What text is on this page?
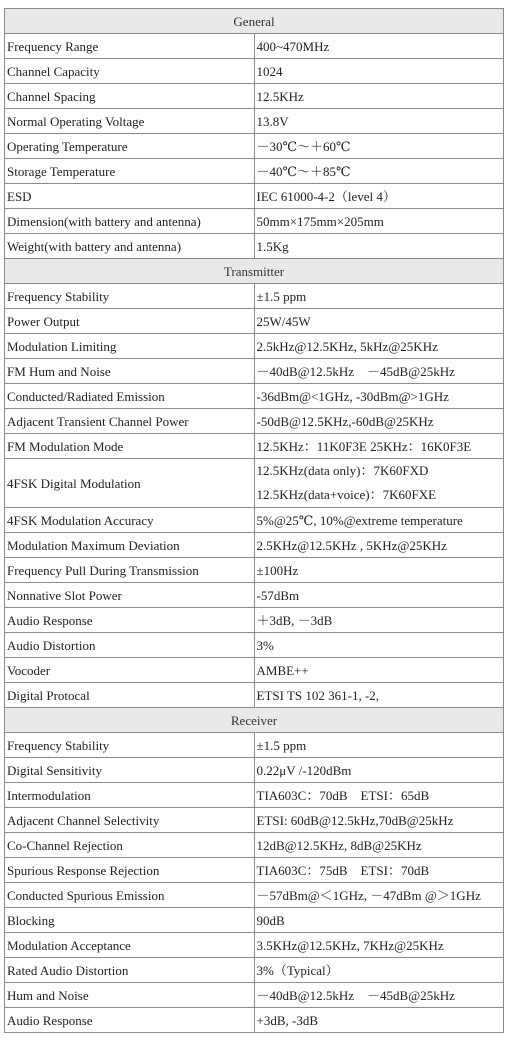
General	
Frequency Range	400~470MHz
Channel Capacity	1024
Channel Spacing	12.5KHz
Normal Operating Voltage	13.8V
Operating Temperature	－30℃～＋60℃
Storage Temperature	－40℃～＋85℃
ESD	IEC 61000-4-2（level 4）
Dimension(with battery and antenna)	50mm×175mm×205mm
Weight(with battery and antenna)	1.5Kg
Transmitter	
Frequency Stability	±1.5 ppm
Power Output	25W/45W
Modulation Limiting	2.5kHz@12.5KHz, 5kHz@25KHz
FM Hum and Noise	－40dB@12.5kHz　－45dB@25kHz
Conducted/Radiated Emission	-36dBm@<1GHz, -30dBm@>1GHz
Adjacent Transient Channel Power	-50dB@12.5KHz,-60dB@25KHz
FM Modulation Mode	12.5KHz：11K0F3E 25KHz：16K0F3E
4FSK Digital Modulation	12.5KHz(data only)：7K60FXD
12.5KHz(data+voice)：7K60FXE

4FSK Modulation Accuracy	5%@25℃, 10%@extreme temperature
Modulation Maximum Deviation	2.5KHz@12.5KHz , 5KHz@25KHz
Frequency Pull During Transmission	±100Hz
Nonnative Slot Power	-57dBm
Audio Response	＋3dB, －3dB
Audio Distortion	3%
Vocoder	AMBE++
Digital Protocal	ETSI TS 102 361-1, -2,
Receiver	
Frequency Stability	±1.5 ppm
Digital Sensitivity	0.22μV /-120dBm
Intermodulation	TIA603C：70dB　ETSI：65dB
Adjacent Channel Selectivity	ETSI: 60dB@12.5kHz,70dB@25kHz
Co-Channel Rejection	12dB@12.5KHz, 8dB@25KHz
Spurious Response Rejection	TIA603C：75dB　ETSI：70dB
Conducted Spurious Emission	－57dBm@＜1GHz, －47dBm @＞1GHz
Blocking	90dB
Modulation Acceptance	3.5KHz@12.5KHz, 7KHz@25KHz
Rated Audio Distortion	3%（Typical）
Hum and Noise	－40dB@12.5kHz　－45dB@25kHz
Audio Response	+3dB, -3dB
